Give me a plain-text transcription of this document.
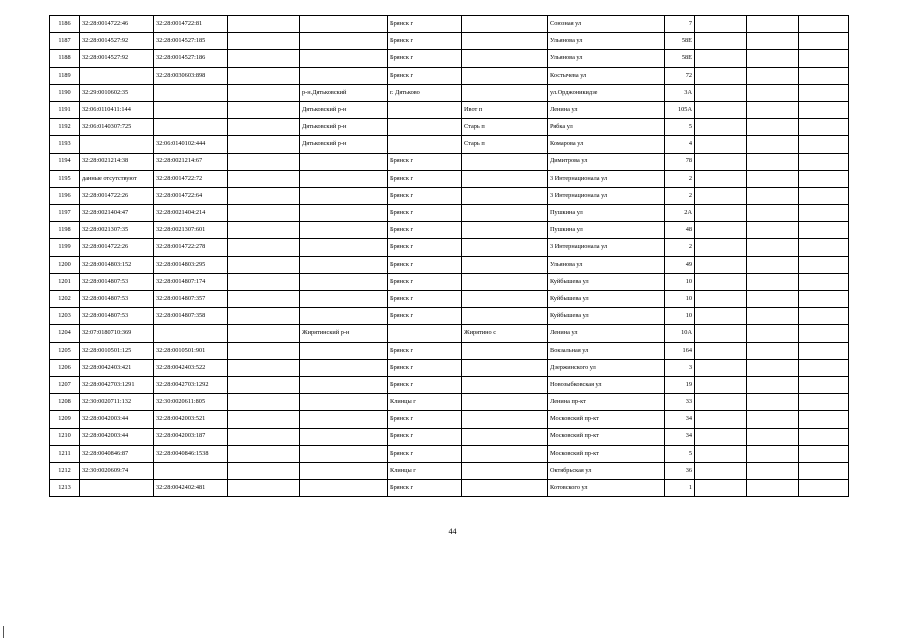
1186	32:28:0014722:46	32:28:0014722:81			Брянск г		Союзная ул	7			
1187	32:28:0014527:92	32:28:0014527:185			Брянск г		Ульянова ул	58Е			
1188	32:28:0014527:92	32:28:0014527:186			Брянск г		Ульянова ул	58Е			
1189		32:28:0030603:898			Брянск г		Костычева ул	72			
1190	32:29:0010602:35			р-н.Дятьковский	г. Дятьково		ул.Орджоникидзе	3А			
1191	32:06:0110411:144			Дятьковский р-н		Ивот п	Ленина ул	105А			
1192	32:06:0140307:725			Дятьковский р-н		Старь п	Рябка ул	5			
1193		32:06:0140102:444		Дятьковский р-н		Старь п	Комарова ул	4			
1194	32:28:0021214:38	32:28:0021214:67			Брянск г		Димитрова ул	78			
1195	данные отсутствуют	32:28:0014722:72			Брянск г		3 Интернационала ул	2			
1196	32:28:0014722:26	32:28:0014722:64			Брянск г		3 Интернационала ул	2			
1197	32:28:0021404:47	32:28:0021404:214			Брянск г		Пушкина ул	2А			
1198	32:28:0021307:35	32:28:0021307:601			Брянск г		Пушкина ул	48			
1199	32:28:0014722:26	32:28:0014722:278			Брянск г		3 Интернационала ул	2			
1200	32:28:0014803:152	32:28:0014803:295			Брянск г		Ульянова ул	49			
1201	32:28:0014807:53	32:28:0014807:174			Брянск г		Куйбышева ул	10			
1202	32:28:0014807:53	32:28:0014807:357			Брянск г		Куйбышева ул	10			
1203	32:28:0014807:53	32:28:0014807:358			Брянск г		Куйбышева ул	10			
1204	32:07:0180710:369			Жирятинский р-н		Жирятино с	Ленина ул	10А			
1205	32:28:0010501:125	32:28:0010501:901			Брянск г		Вокзальная ул	164			
1206	32:28:0042403:421	32:28:0042403:522			Брянск г		Дзержинского ул	3			
1207	32:28:0042703:1291	32:28:0042703:1292			Брянск г		Новозыбковская ул	19			
1208	32:30:0020711:132	32:30:0020611:805			Клинцы г		Ленина пр-кт	33			
1209	32:28:0042003:44	32:28:0042003:521			Брянск г		Московский пр-кт	34			
1210	32:28:0042003:44	32:28:0042003:187			Брянск г		Московский пр-кт	34			
1211	32:28:0040846:87	32:28:0040846:1538			Брянск г		Московский пр-кт	5			
1212	32:30:0020609:74				Клинцы г		Октябрьская ул	36			
1213		32:28:0042402:481			Брянск г		Котовского ул	1			
44
